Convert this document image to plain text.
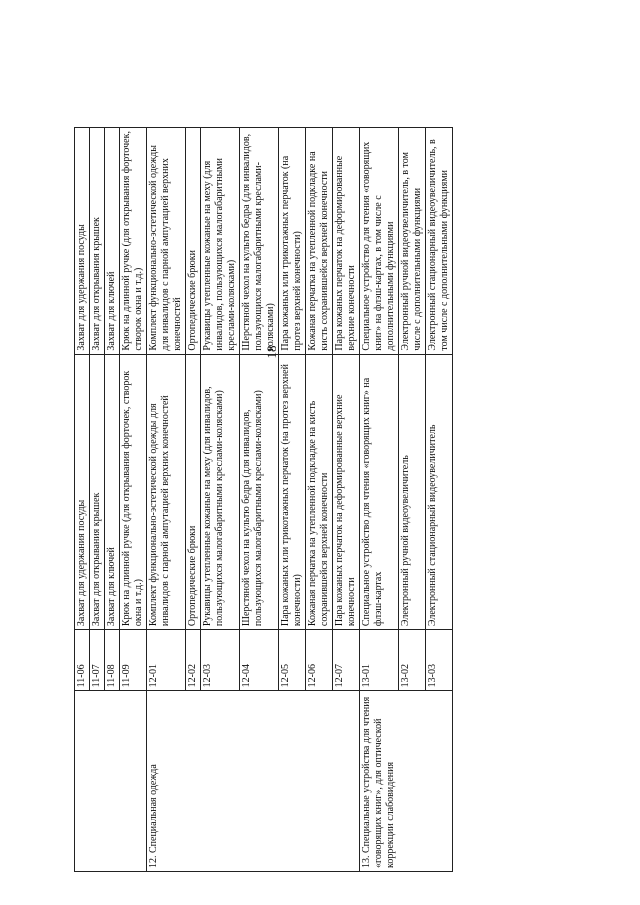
18
	11-06	Захват для удержания посуды	Захват для удержания посуды
	11-07	Захват для открывания крышек	Захват для открывания крышек
	11-08	Захват для ключей	Захват для ключей
	11-09	Крюк на длинной ручке (для открывания форточек, створок окна и т.д.)	Крюк на длинной ручке (для открывания форточек, створок окна и т.д.)
12. Специальная одежда	12-01	Комплект функционально-эстетической одежды для инвалидов с парной ампутацией верхних конечностей	Комплект функционально-эстетической одежды для инвалидов с парной ампутацией верхних конечностей
	12-02	Ортопедические брюки	Ортопедические брюки
	12-03	Рукавицы утепленные кожаные на меху (для инвалидов, пользующихся малогабаритными креслами-колясками)	Рукавицы утепленные кожаные на меху (для инвалидов, пользующихся малогабаритными креслами-колясками)
	12-04	Шерстяной чехол на культю бедра (для инвалидов, пользующихся малогабаритными креслами-колясками)	Шерстяной чехол на культю бедра (для инвалидов, пользующихся малогабаритными креслами-колясками)
	12-05	Пара кожаных или трикотажных перчаток (на протез верхней конечности)	Пара кожаных или трикотажных перчаток (на протез верхней конечности)
	12-06	Кожаная перчатка на утепленной подкладке на кисть сохранившейся верхней конечности	Кожаная перчатка на утепленной подкладке на кисть сохранившейся верхней конечности
	12-07	Пара кожаных перчаток на деформированные верхние конечности	Пара кожаных перчаток на деформированные верхние конечности
13. Специальные устройства для чтения «говорящих книг», для оптической коррекции слабовидения	13-01	Специальное устройство для чтения «говорящих книг» на флэш-картах	Специальное устройство для чтения «говорящих книг» на флэш-картах, в том числе с дополнительными функциями
	13-02	Электронный ручной видеоувеличитель	Электронный ручной видеоувеличитель, в том числе с дополнительными функциями
	13-03	Электронный стационарный видеоувеличитель	Электронный стационарный видеоувеличитель, в том числе с дополнительными функциями
